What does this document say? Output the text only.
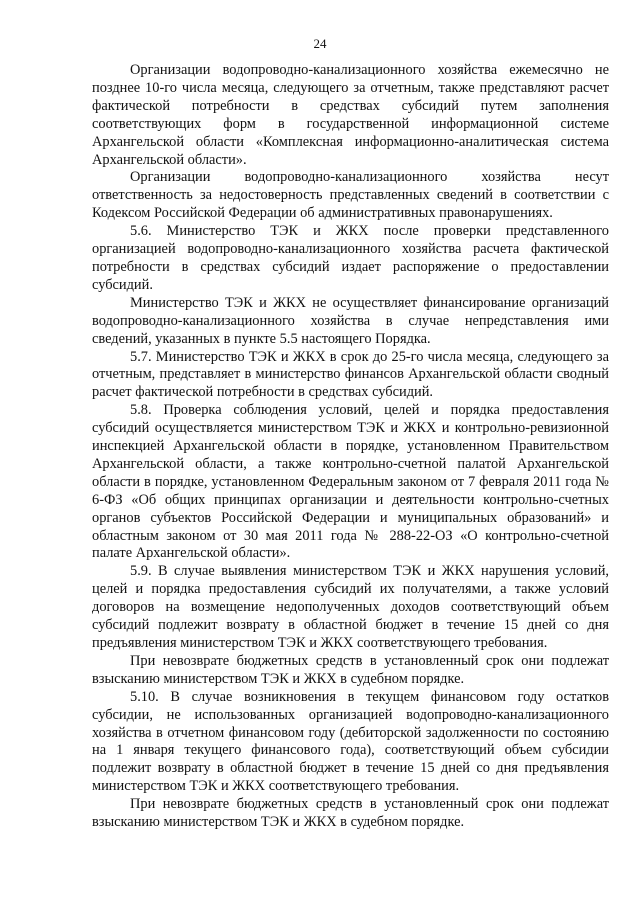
24

Организации водопроводно-канализационного хозяйства ежемесячно не позднее 10-го числа месяца, следующего за отчетным, также представляют расчет фактической потребности в средствах субсидий путем заполнения соответствующих форм в государственной информационной системе Архангельской области «Комплексная информационно-аналитическая система Архангельской области».

Организации водопроводно-канализационного хозяйства несут ответственность за недостоверность представленных сведений в соответствии с Кодексом Российской Федерации об административных правонарушениях.

5.6. Министерство ТЭК и ЖКХ после проверки представленного организацией водопроводно-канализационного хозяйства расчета фактической потребности в средствах субсидий издает распоряжение о предоставлении субсидий.

Министерство ТЭК и ЖКХ не осуществляет финансирование организаций водопроводно-канализационного хозяйства в случае непредставления ими сведений, указанных в пункте 5.5 настоящего Порядка.

5.7. Министерство ТЭК и ЖКХ в срок до 25-го числа месяца, следующего за отчетным, представляет в министерство финансов Архангельской области сводный расчет фактической потребности в средствах субсидий.

5.8. Проверка соблюдения условий, целей и порядка предоставления субсидий осуществляется министерством ТЭК и ЖКХ и контрольно-ревизионной инспекцией Архангельской области в порядке, установленном Правительством Архангельской области, а также контрольно-счетной палатой Архангельской области в порядке, установленном Федеральным законом от 7 февраля 2011 года № 6-ФЗ «Об общих принципах организации и деятельности контрольно-счетных органов субъектов Российской Федерации и муниципальных образований» и областным законом от 30 мая 2011 года № 288-22-ОЗ «О контрольно-счетной палате Архангельской области».

5.9. В случае выявления министерством ТЭК и ЖКХ нарушения условий, целей и порядка предоставления субсидий их получателями, а также условий договоров на возмещение недополученных доходов соответствующий объем субсидий подлежит возврату в областной бюджет в течение 15 дней со дня предъявления министерством ТЭК и ЖКХ соответствующего требования.

При невозврате бюджетных средств в установленный срок они подлежат взысканию министерством ТЭК и ЖКХ в судебном порядке.

5.10. В случае возникновения в текущем финансовом году остатков субсидии, не использованных организацией водопроводно-канализационного хозяйства в отчетном финансовом году (дебиторской задолженности по состоянию на 1 января текущего финансового года), соответствующий объем субсидии подлежит возврату в областной бюджет в течение 15 дней со дня предъявления министерством ТЭК и ЖКХ соответствующего требования.

При невозврате бюджетных средств в установленный срок они подлежат взысканию министерством ТЭК и ЖКХ в судебном порядке.
